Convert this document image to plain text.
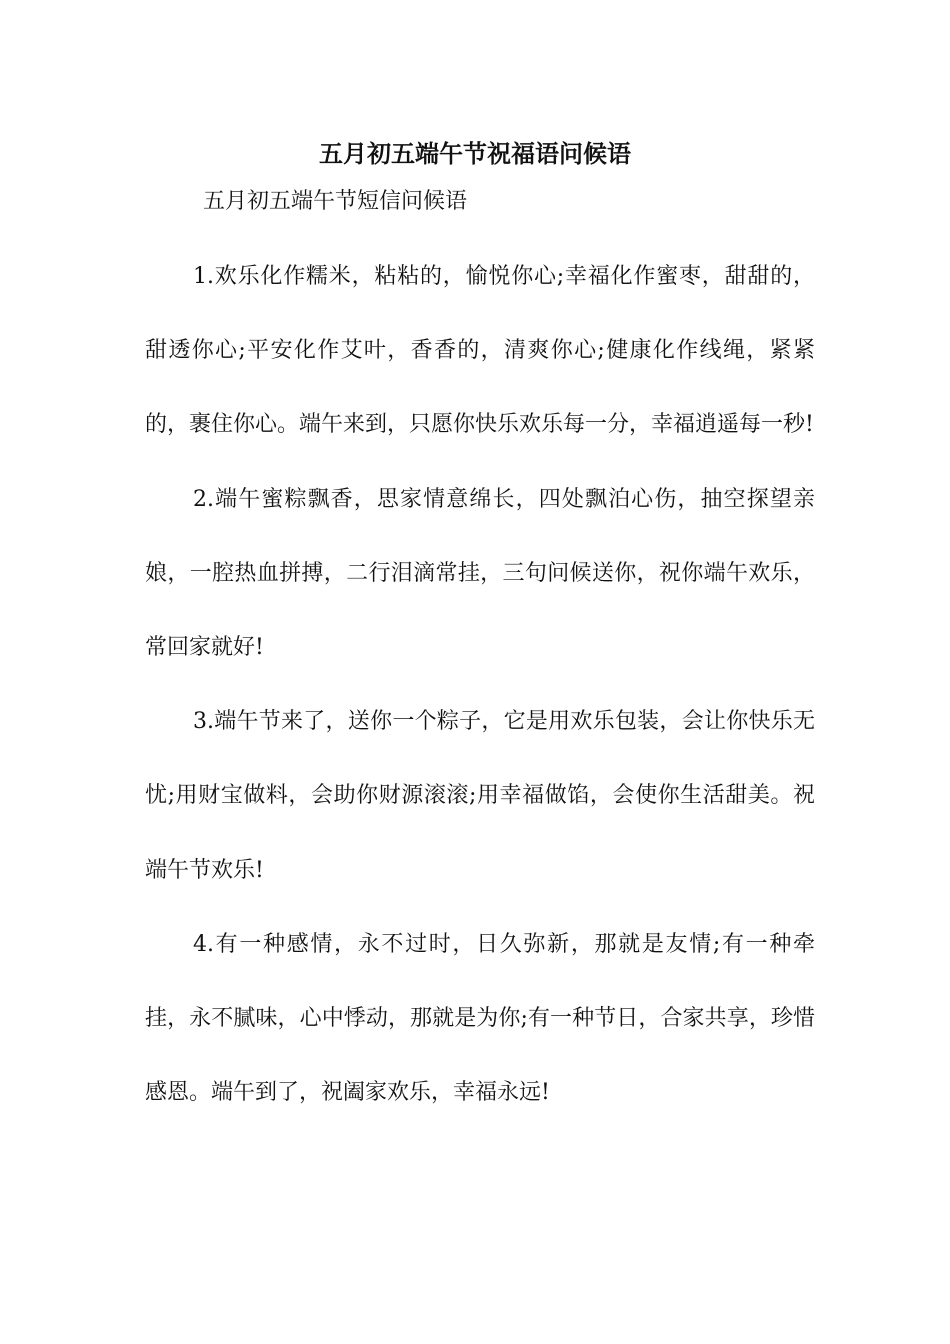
五月初五端午节祝福语问候语
五月初五端午节短信问候语

1.欢乐化作糯米，粘粘的，愉悦你心;幸福化作蜜枣，甜甜的，甜透你心;平安化作艾叶，香香的，清爽你心;健康化作线绳，紧紧的，裹住你心。端午来到，只愿你快乐欢乐每一分，幸福逍遥每一秒!

2.端午蜜粽飘香，思家情意绵长，四处飘泊心伤，抽空探望亲娘，一腔热血拼搏，二行泪滴常挂，三句问候送你，祝你端午欢乐，常回家就好!

3.端午节来了，送你一个粽子，它是用欢乐包装，会让你快乐无忧;用财宝做料，会助你财源滚滚;用幸福做馅，会使你生活甜美。祝端午节欢乐!

4.有一种感情，永不过时，日久弥新，那就是友情;有一种牵挂，永不腻味，心中悸动，那就是为你;有一种节日，合家共享，珍惜感恩。端午到了，祝阖家欢乐，幸福永远!
